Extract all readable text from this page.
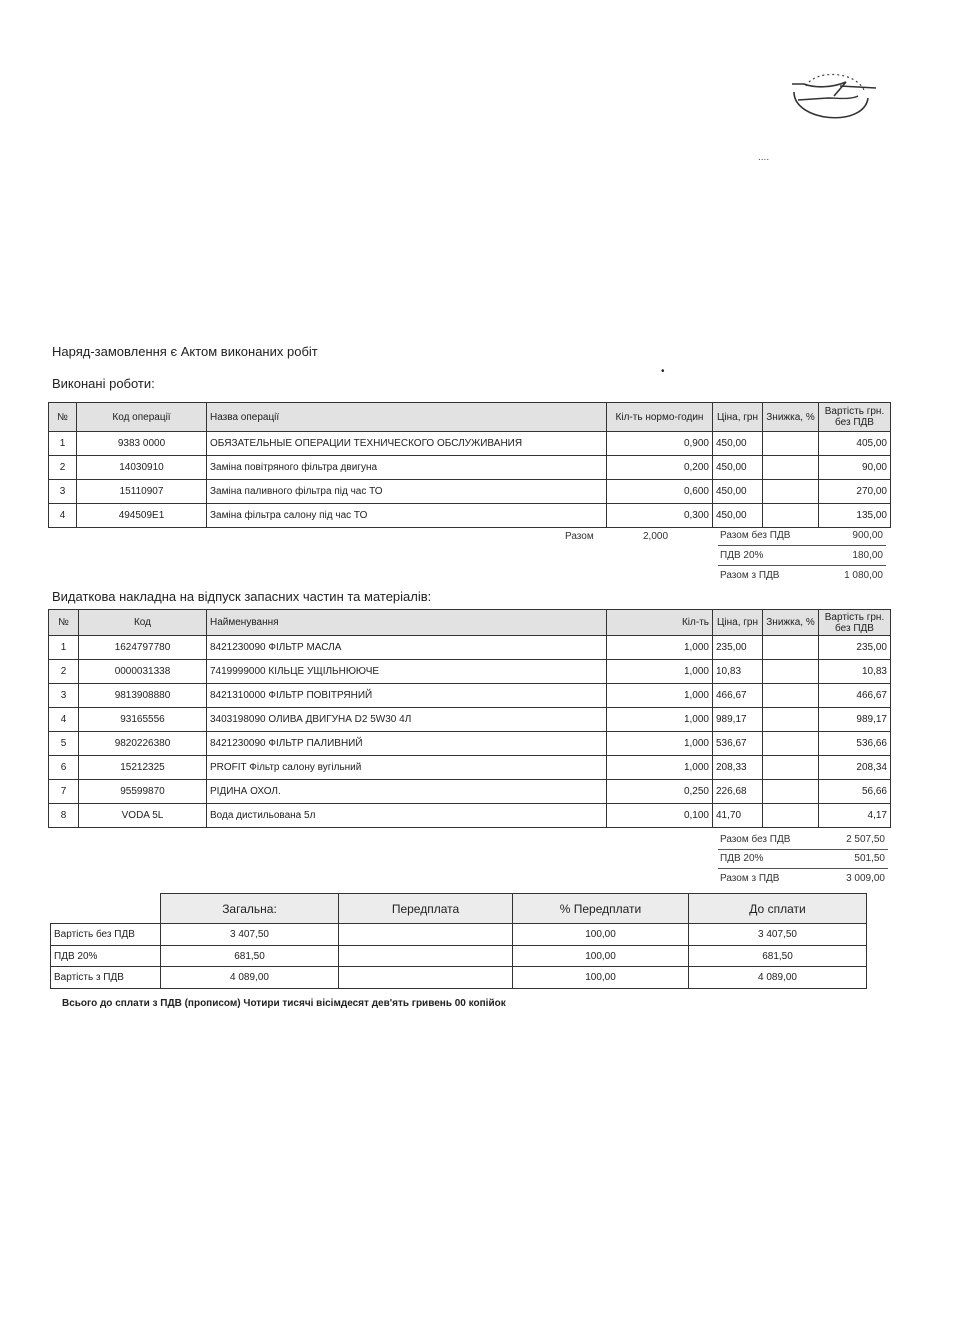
....
Наряд-замовлення є Актом виконаних робіт
•
Виконані роботи:
№	Код операції	Назва операції	Кіл-ть нормо-годин	Ціна, грн	Знижка, %	Вартість грн. без ПДВ
1	9383 0000	ОБЯЗАТЕЛЬНЫЕ ОПЕРАЦИИ ТЕХНИЧЕСКОГО ОБСЛУЖИВАНИЯ	0,900	450,00		405,00
2	14030910	Заміна повітряного фільтра двигуна	0,200	450,00		90,00
3	15110907	Заміна паливного фільтра під час ТО	0,600	450,00		270,00
4	494509E1	Заміна фільтра салону під час ТО	0,300	450,00		135,00
Разом	2,000	Разом без ПДВ	900,00
ПДВ 20%	180,00
Разом з ПДВ	1 080,00
Видаткова накладна на відпуск запасних частин та матеріалів:
№	Код	Найменування	Кіл-ть	Ціна, грн	Знижка, %	Вартість грн. без ПДВ
1	1624797780	8421230090 ФІЛЬТР МАСЛА	1,000	235,00		235,00
2	0000031338	7419999000 КІЛЬЦЕ УЩІЛЬНЮЮЧЕ	1,000	10,83		10,83
3	9813908880	8421310000 ФІЛЬТР ПОВІТРЯНИЙ	1,000	466,67		466,67
4	93165556	3403198090 ОЛИВА ДВИГУНА D2 5W30 4Л	1,000	989,17		989,17
5	9820226380	8421230090 ФІЛЬТР ПАЛИВНИЙ	1,000	536,67		536,66
6	15212325	PROFIT Фільтр салону вугільний	1,000	208,33		208,34
7	95599870	РІДИНА ОХОЛ.	0,250	226,68		56,66
8	VODA 5L	Вода дистильована 5л	0,100	41,70		4,17
Разом без ПДВ	2 507,50
ПДВ 20%	501,50
Разом з ПДВ	3 009,00
	Загальна:	Передплата	% Передплати	До сплати
Вартість без ПДВ	3 407,50		100,00	3 407,50
ПДВ 20%	681,50		100,00	681,50
Вартість з ПДВ	4 089,00		100,00	4 089,00
Всього до сплати з ПДВ (прописом) Чотири тисячі вісімдесят дев'ять гривень 00 копійок
